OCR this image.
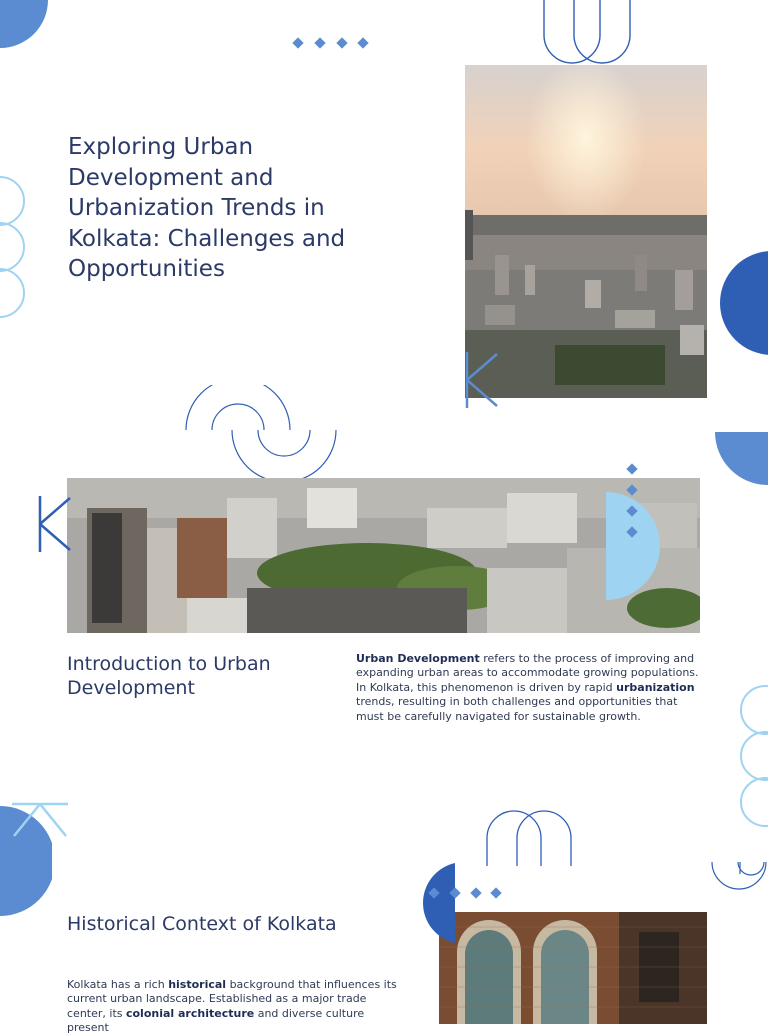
Exploring Urban Development and Urbanization Trends in Kolkata: Challenges and Opportunities
Introduction to Urban Development

Urban Development refers to the process of improving and expanding urban areas to accommodate growing populations. In Kolkata, this phenomenon is driven by rapid urbanization trends, resulting in both challenges and opportunities that must be carefully navigated for sustainable growth.

Historical Context of Kolkata

Kolkata has a rich historical background that influences its current urban landscape. Established as a major trade center, its colonial architecture and diverse culture present
